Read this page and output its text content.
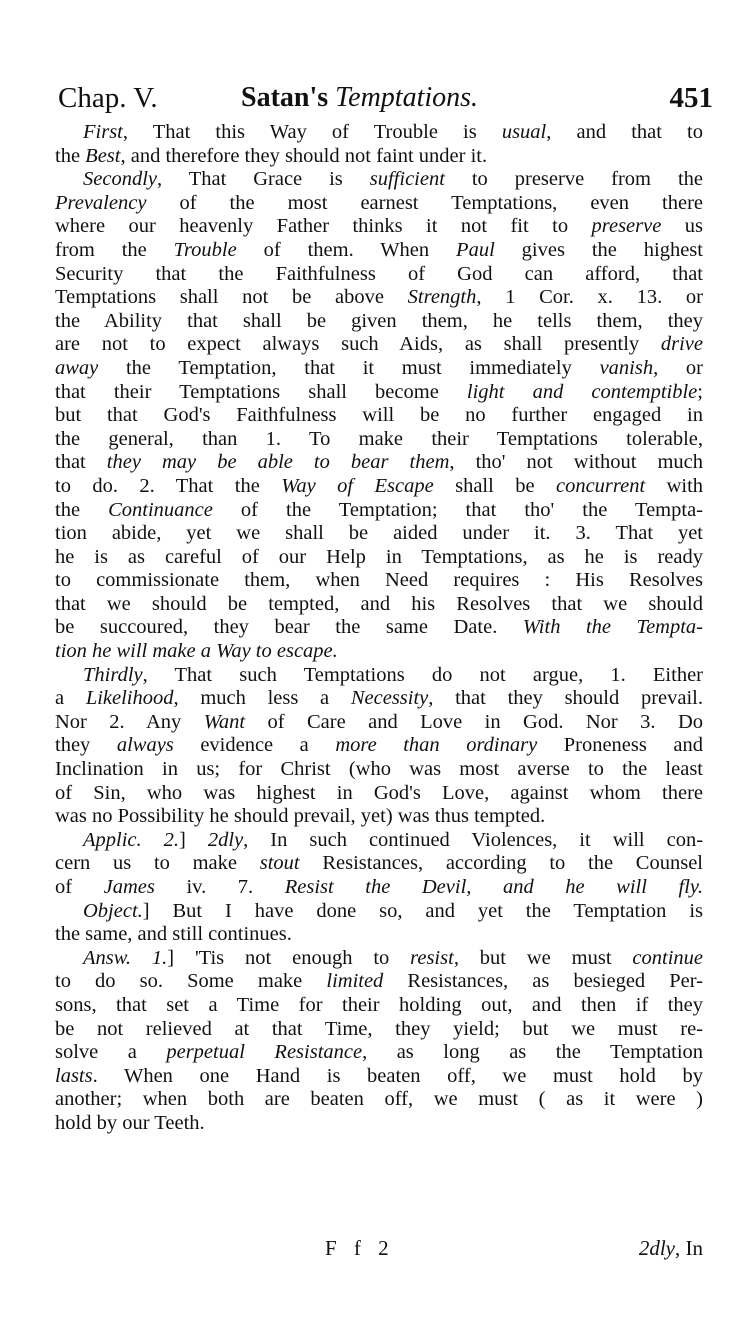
Chap. V.	Satan's Temptations.	451
First, That this Way of Trouble is usual, and that to
the Best, and therefore they should not faint under it.
Secondly, That Grace is sufficient to preserve from the
Prevalency of the most earnest Temptations, even there
where our heavenly Father thinks it not fit to preserve us
from the Trouble of them. When Paul gives the highest
Security that the Faithfulness of God can afford, that
Temptations shall not be above Strength, 1 Cor. x. 13. or
the Ability that shall be given them, he tells them, they
are not to expect always such Aids, as shall presently drive
away the Temptation, that it must immediately vanish, or
that their Temptations shall become light and contemptible;
but that God's Faithfulness will be no further engaged in
the general, than 1. To make their Temptations tolerable,
that they may be able to bear them, tho' not without much
to do. 2. That the Way of Escape shall be concurrent with
the Continuance of the Temptation; that tho' the Tempta-
tion abide, yet we shall be aided under it. 3. That yet
he is as careful of our Help in Temptations, as he is ready
to commissionate them, when Need requires : His Resolves
that we should be tempted, and his Resolves that we should
be succoured, they bear the same Date. With the Tempta-
tion he will make a Way to escape.
Thirdly, That such Temptations do not argue, 1. Either
a Likelihood, much less a Necessity, that they should prevail.
Nor 2. Any Want of Care and Love in God. Nor 3. Do
they always evidence a more than ordinary Proneness and
Inclination in us; for Christ (who was most averse to the least
of Sin, who was highest in God's Love, against whom there
was no Possibility he should prevail, yet) was thus tempted.
Applic. 2.] 2dly, In such continued Violences, it will con-
cern us to make stout Resistances, according to the Counsel
of James iv. 7. Resist the Devil, and he will fly.
Object.] But I have done so, and yet the Temptation is
the same, and still continues.
Answ. 1.] 'Tis not enough to resist, but we must continue
to do so. Some make limited Resistances, as besieged Per-
sons, that set a Time for their holding out, and then if they
be not relieved at that Time, they yield; but we must re-
solve a perpetual Resistance, as long as the Temptation
lasts. When one Hand is beaten off, we must hold by
another; when both are beaten off, we must ( as it were )
hold by our Teeth.
F f 2	2dly, In
